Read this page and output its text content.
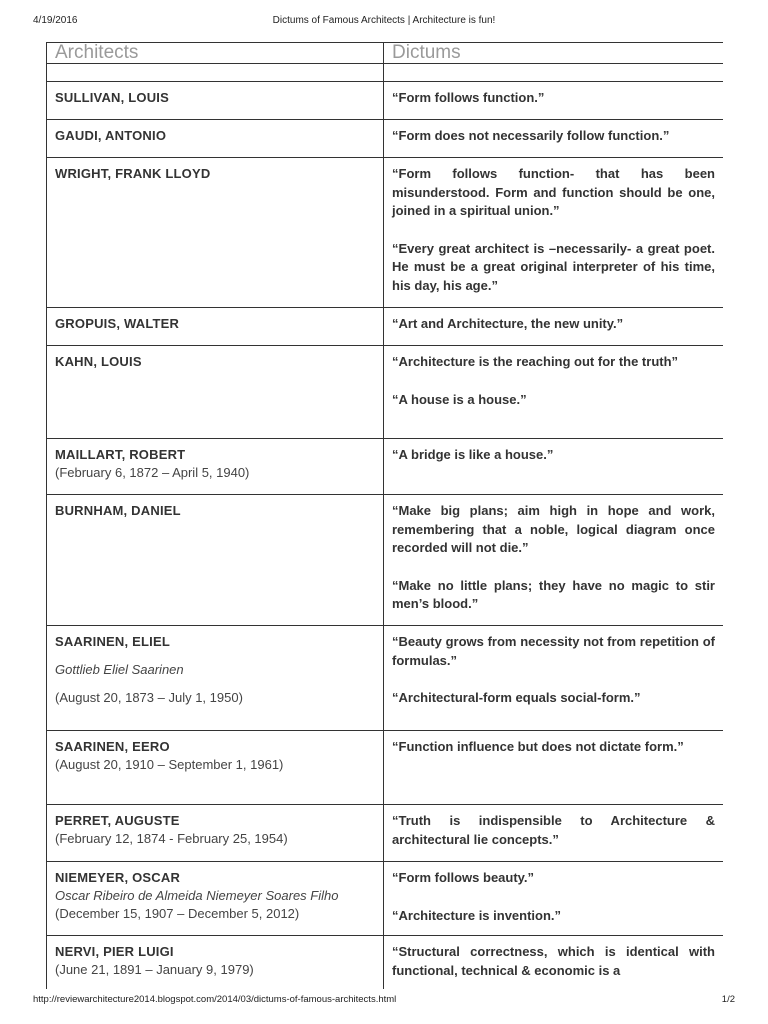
4/19/2016	Dictums of Famous Architects | Architecture is fun!
Architects	Dictums

SULLIVAN, LOUIS	“Form follows function.”

GAUDI, ANTONIO	“Form does not necessarily follow function.”

WRIGHT, FRANK LLOYD	“Form follows function- that has been misunderstood. Form and function should be one, joined in a spiritual union.”
“Every great architect is –necessarily- a great poet. He must be a great original interpreter of his time, his day, his age.”

GROPUIS, WALTER	“Art and Architecture, the new unity.”

KAHN, LOUIS	“Architecture is the reaching out for the truth”
“A house is a house.”

MAILLART, ROBERT
(February 6, 1872 – April 5, 1940)	“A bridge is like a house.”

BURNHAM, DANIEL	“Make big plans; aim high in hope and work, remembering that a noble, logical diagram once recorded will not die.”
“Make no little plans; they have no magic to stir men’s blood.”

SAARINEN, ELIEL
Gottlieb Eliel Saarinen
(August 20, 1873 – July 1, 1950)	“Beauty grows from necessity not from repetition of formulas.”
“Architectural-form equals social-form.”

SAARINEN, EERO
(August 20, 1910 – September 1, 1961)	“Function influence but does not dictate form.”

PERRET, AUGUSTE
(February 12, 1874 - February 25, 1954)	“Truth is indispensible to Architecture & architectural lie concepts.”

NIEMEYER, OSCAR
Oscar Ribeiro de Almeida Niemeyer Soares Filho
(December 15, 1907 – December 5, 2012)	“Form follows beauty.”
“Architecture is invention.”

NERVI, PIER LUIGI
(June 21, 1891 – January 9, 1979)	“Structural correctness, which is identical with functional, technical & economic is a
http://reviewarchitecture2014.blogspot.com/2014/03/dictums-of-famous-architects.html	1/2
